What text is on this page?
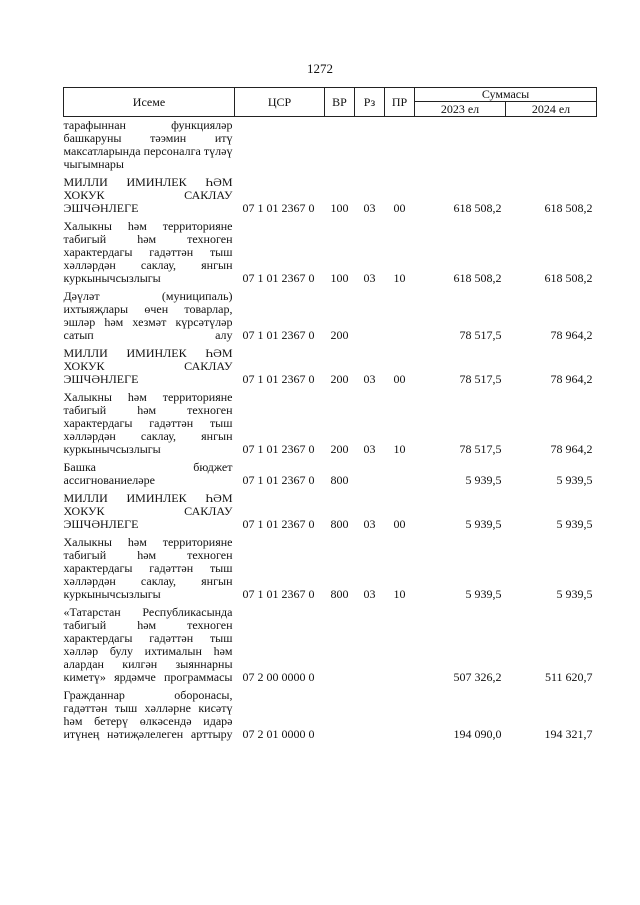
1272
Исеме	ЦСР	ВР	Рз	ПР	Суммасы	
					2023 ел	2024 ел
тарафыннан функцияләр башкаруны тәэмин итү максатларында персоналга түләү чыгымнары						
МИЛЛИ ИМИНЛЕК ҺӘМ ХОКУК САКЛАУ ЭШЧӘНЛЕГЕ	07 1 01 2367 0	100	03	00	618 508,2	618 508,2
Халыкны һәм территорияне табигый һәм техноген характердагы гадәттән тыш хәлләрдән саклау, янгын куркынычсызлыгы	07 1 01 2367 0	100	03	10	618 508,2	618 508,2
Дәүләт (муниципаль) ихтыяҗлары өчен товарлар, эшләр һәм хезмәт күрсәтүләр сатып алу	07 1 01 2367 0	200			78 517,5	78 964,2
МИЛЛИ ИМИНЛЕК ҺӘМ ХОКУК САКЛАУ ЭШЧӘНЛЕГЕ	07 1 01 2367 0	200	03	00	78 517,5	78 964,2
Халыкны һәм территорияне табигый һәм техноген характердагы гадәттән тыш хәлләрдән саклау, янгын куркынычсызлыгы	07 1 01 2367 0	200	03	10	78 517,5	78 964,2
Башка бюджет ассигнованиеләре	07 1 01 2367 0	800			5 939,5	5 939,5
МИЛЛИ ИМИНЛЕК ҺӘМ ХОКУК САКЛАУ ЭШЧӘНЛЕГЕ	07 1 01 2367 0	800	03	00	5 939,5	5 939,5
Халыкны һәм территорияне табигый һәм техноген характердагы гадәттән тыш хәлләрдән саклау, янгын куркынычсызлыгы	07 1 01 2367 0	800	03	10	5 939,5	5 939,5
«Татарстан Республикасында табигый һәм техноген характердагы гадәттән тыш хәлләр булу ихтималын һәм алардан килгән зыяннарны киметү» ярдәмче программасы	07 2 00 0000 0				507 326,2	511 620,7
Гражданнар оборонасы, гадәттән тыш хәлләрне кисәтү һәм бетерү өлкәсендә идарә итүнең нәтиҗәлелеген арттыру	07 2 01 0000 0				194 090,0	194 321,7
